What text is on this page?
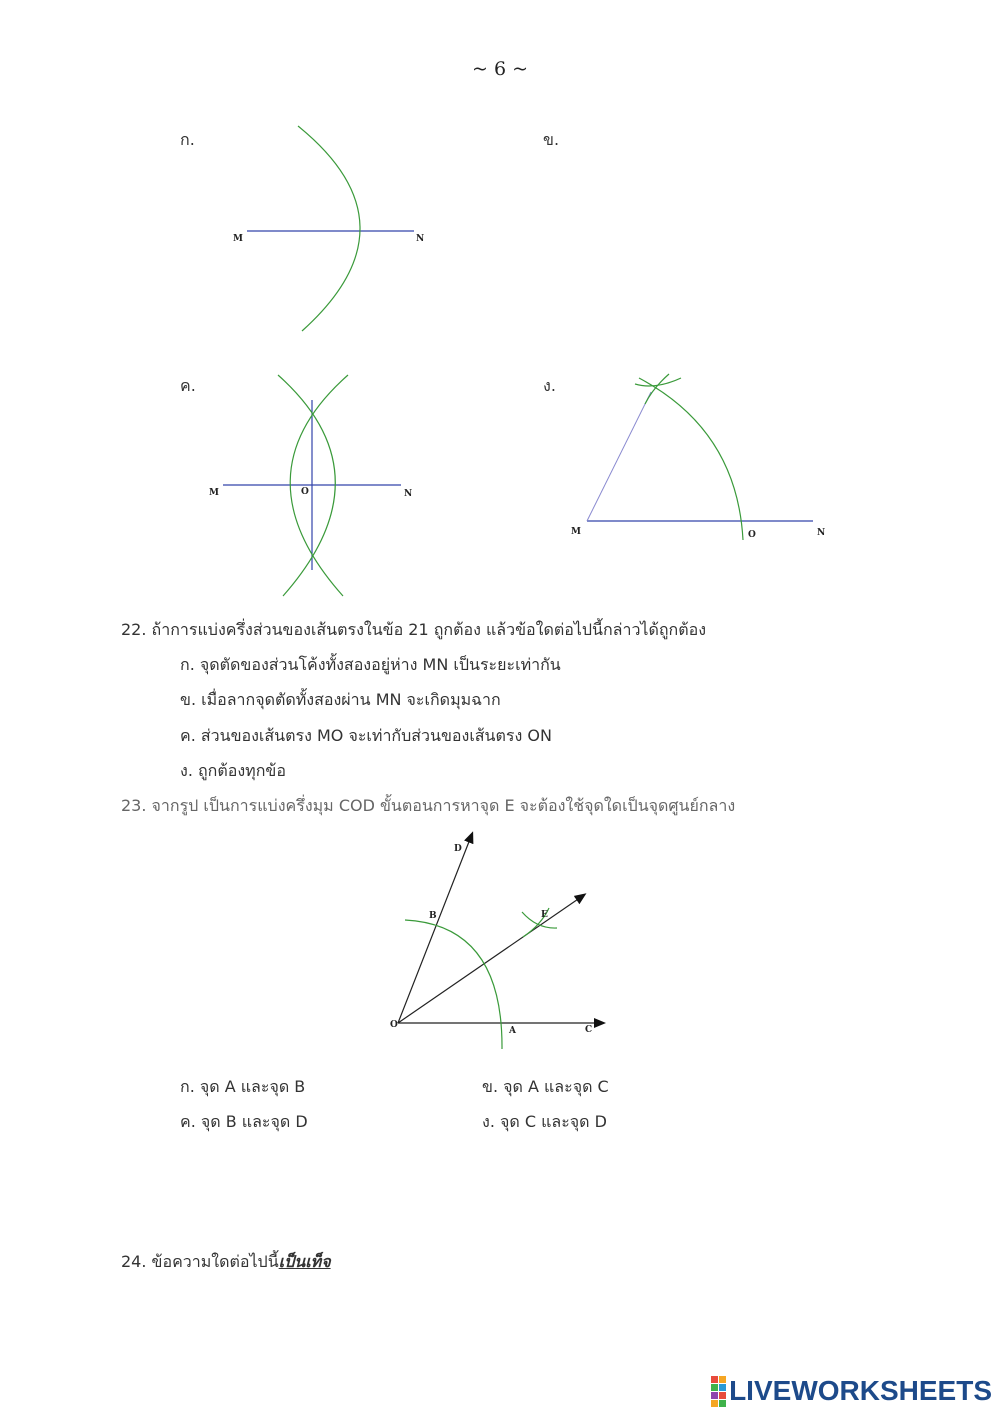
~ 6 ~
ก.
M	N
ข.
ค.
M	O	N
ง.
M	O	N
22. ถ้าการแบ่งครึ่งส่วนของเส้นตรงในข้อ 21 ถูกต้อง แล้วข้อใดต่อไปนี้กล่าวได้ถูกต้อง
ก. จุดตัดของส่วนโค้งทั้งสองอยู่ห่าง MN เป็นระยะเท่ากัน
ข. เมื่อลากจุดตัดทั้งสองผ่าน MN จะเกิดมุมฉาก
ค. ส่วนของเส้นตรง MO จะเท่ากับส่วนของเส้นตรง ON
ง. ถูกต้องทุกข้อ
23. จากรูป เป็นการแบ่งครึ่งมุม COD ขั้นตอนการหาจุด E จะต้องใช้จุดใดเป็นจุดศูนย์กลาง
O
A
B
C
D
E
ก. จุด A และจุด B	ข. จุด A และจุด C
ค. จุด B และจุด D	ง. จุด C และจุด D
24. ข้อความใดต่อไปนี้เป็นเท็จ
LIVEWORKSHEETS
